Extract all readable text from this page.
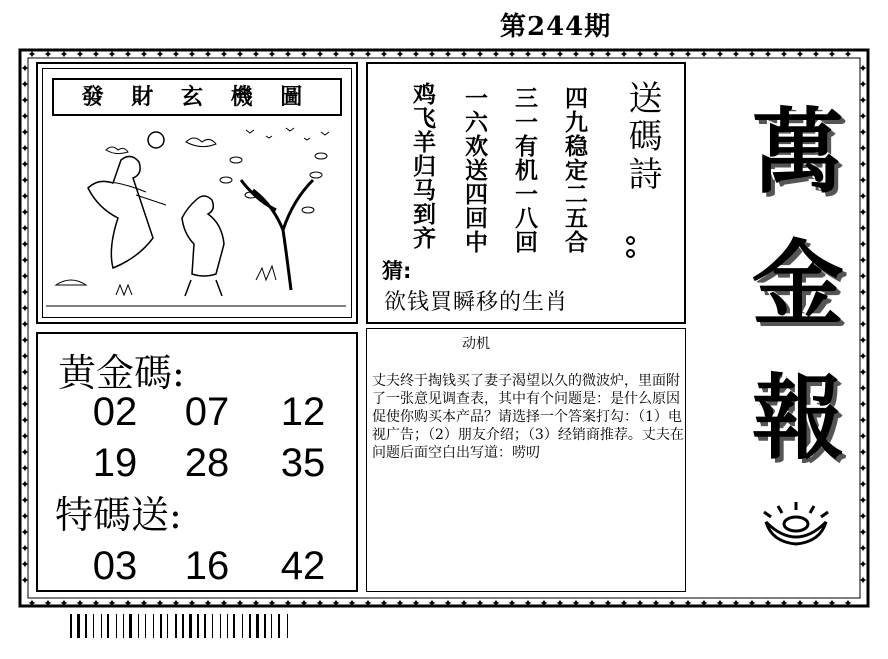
第244期
✦
✦
✦
✦
✦
✦
✦
✦
✦
✦
✦
✦
✦
✦
✦
✦
✦
✦
✦
✦
✦
✦
✦
✦
✦
✦
✦
✦
✦
✦
✦
✦
✦
✦
✦
✦
✦
✦
✦
✦
✦
✦
✦
✦
✦
✦
✦
✦
✦
✦
✦
✦
✦
✦
✦
✦
✦
✦
✦
✦
✦
✦
✦
✦
✦
✦
✦
✦
✦
✦
✦
✦
✦
✦
✦
✦
✦
✦
✦
✦
✦
✦
✦
✦
✦
✦
✦
✦
✦
✦
✦
✦
✦
✦
✦
✦
✦
✦
✦
✦
✦
✦
✦
✦
✦	✦
✦	✦
✦	✦
✦	✦
✦	✦
✦	✦
✦	✦
✦	✦
✦	✦
✦	✦
✦	✦
✦	✦
✦	✦
✦	✦
✦	✦
✦	✦
✦	✦
✦	✦
✦	✦
✦	✦
✦	✦
✦	✦
✦	✦
✦	✦
✦	✦
✦	✦
✦	✦
✦	✦
✦	✦
✦	✦
✦	✦
✦	✦
✦	✦
發 財 玄 機 圖	四九稳定二五合
三一有机一八回
一六欢送四回中
鸡飞羊归马到齐	送碼詩
猜:
欲钱買瞬移的生肖
萬
金
報
黄金碼:
02	07	12
19	28	35
特碼送:
03	16	42
动机
丈夫终于掏钱买了妻子渴望以久的微波炉，里面附了一张意见调查表，其中有个问题是：是什么原因促使你购买本产品？请选择一个答案打勾：（1）电视广告；（2）朋友介绍；（3）经销商推荐。丈夫在问题后面空白出写道：唠叨
